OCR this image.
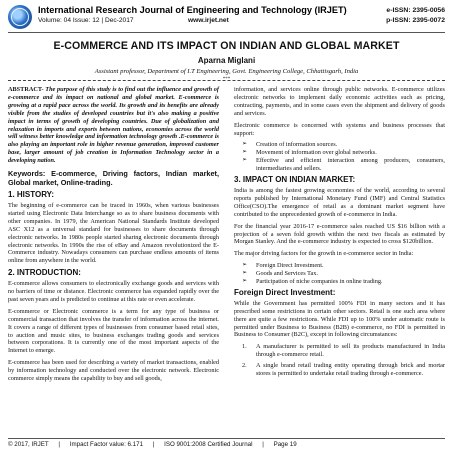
International Research Journal of Engineering and Technology (IRJET)
Volume: 04 Issue: 12 | Dec-2017	www.irjet.net
e-ISSN: 2395-0056
p-ISSN: 2395-0072
E-COMMERCE AND ITS IMPACT ON INDIAN AND GLOBAL MARKET
Aparna Miglani
Assistant professor, Department of I.T Engineering, Govt. Engineering College, Chhattisgarh, India
***

ABSTRACT- The purpose of this study is to find out the influence and growth of e-commerce and its impact on national and global market. E-commerce is growing at a rapid pace across the world. Its growth and its benefits are already visible from the studies of developed countries but it's also making a positive impact in terms of growth of developing countries. Due of globalization and relaxation in imports and exports between nations, economies across the world will witness better knowledge and information technology growth .E-commerce is also playing an important role in higher revenue generation, improved customer base, larger amount of job creation in Information Technology sector in a developing nation.

Keywords: E-commerce, Driving factors, Indian market, Global market, Online-trading.

1. HISTORY:

The beginning of e-commerce can be traced in 1960s, when various businesses started using Electronic Data Interchange so as to share business documents with other companies. In 1979, the American National Standards Institute developed ASC X12 as a universal standard for businesses to share documents through electronic networks. In 1980s people started sharing electronic documents through electronic networks. In 1990s the rise of eBay and Amazon revolutionized the E-Commerce industry. Nowadays consumers can purchase endless amounts of items online from anywhere in the world.

2. INTRODUCTION:

E-commerce allows consumers to electronically exchange goods and services with no barriers of time or distance. Electronic commerce has expanded rapidly over the past seven years and is predicted to continue at this rate or even accelerate.

E-commerce or Electronic commerce is a term for any type of business or commercial transaction that involves the transfer of information across the internet. It covers a range of different types of businesses from consumer based retail sites, to auction and music sites, to business exchanges trading goods and services between corporations. It is currently one of the most important aspects of the Internet to emerge.

E-commerce has been used for describing a variety of market transactions, enabled by information technology and conducted over the electronic network. Electronic commerce simply means the capability to buy and sell goods,

information, and services online through public networks. E-commerce utilizes electronic networks to implement daily economic activities such as pricing, contracting, payments, and in some cases even the shipment and delivery of goods and services.

Electronic commerce is concerned with systems and business processes that support:

➢ Creation of information sources.
➢ Movement of information over global networks.
➢ Effective and efficient interaction among producers, consumers, intermediaries and sellers.
3. IMPACT ON INDIAN MARKET:

India is among the fastest growing economies of the world, according to several reports published by International Monetary Fund (IMF) and Central Statistics Office(CSO).The emergence of retail as a dominant market segment have contributed to the unprecedented growth of e-commerce in India.

For the financial year 2016-17 e-commerce sales reached US $16 billion with a projection of a seven fold growth within the next two fiscals as estimated by Morgan Stanley. And the e-commerce industry is expected to cross $120billion.

The major driving factors for the growth in e-commerce sector in India:

➢ Foreign Direct Investment.
➢ Goods and Services Tax.
➢ Participation of niche companies in online trading.
Foreign Direct Investment:

While the Government has permitted 100% FDI in many sectors and it has prescribed some restrictions in certain other sectors. Retail is one such area where there are quite a few restrictions. While FDI up to 100% under automatic route is permitted under Business to Business (B2B) e-commerce, no FDI is permitted in Business to Consumer (B2C), except in following circumstances:

1. A manufacturer is permitted to sell its products manufactured in India through e-commerce retail.
2. A single brand retail trading entity operating through brick and mortar stores is permitted to undertake retail trading through e-commerce.
© 2017, IRJET | Impact Factor value: 6.171 | ISO 9001:2008 Certified Journal | Page 19
